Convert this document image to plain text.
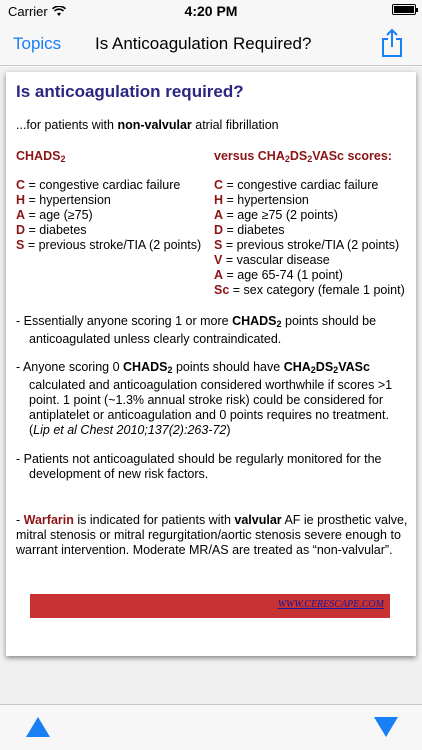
Carrier	4:20 PM
Topics Is Anticoagulation Required?
Is anticoagulation required?
...for patients with non-valvular atrial fibrillation
$CHADS_2$	versus $CHA_2DS_2VASc$ scores:
C = congestive cardiac failure
H = hypertension
A = age (≥75)
D = diabetes
S = previous stroke/TIA (2 points)
C = congestive cardiac failure
H = hypertension
A = age ≥75 (2 points)
D = diabetes
S = previous stroke/TIA (2 points)
V = vascular disease
A = age 65-74 (1 point)
Sc = sex category (female 1 point)
- Essentially anyone scoring 1 or more $CHADS_2$ points should be anticoagulated unless clearly contraindicated.
- Anyone scoring 0 $CHADS_2$ points should have $CHA_2DS_2VASc$ calculated and anticoagulation considered worthwhile if scores >1 point. 1 point (~1.3% annual stroke risk) could be considered for antiplatelet or anticoagulation and 0 points requires no treatment. (Lip et al Chest 2010;137(2):263-72)
- Patients not anticoagulated should be regularly monitored for the development of new risk factors.
- Warfarin is indicated for patients with valvular AF ie prosthetic valve, mitral stenosis or mitral regurgitation/aortic stenosis severe enough to warrant intervention. Moderate MR/AS are treated as “non-valvular”.
WWW.CERESCAPE.COM
